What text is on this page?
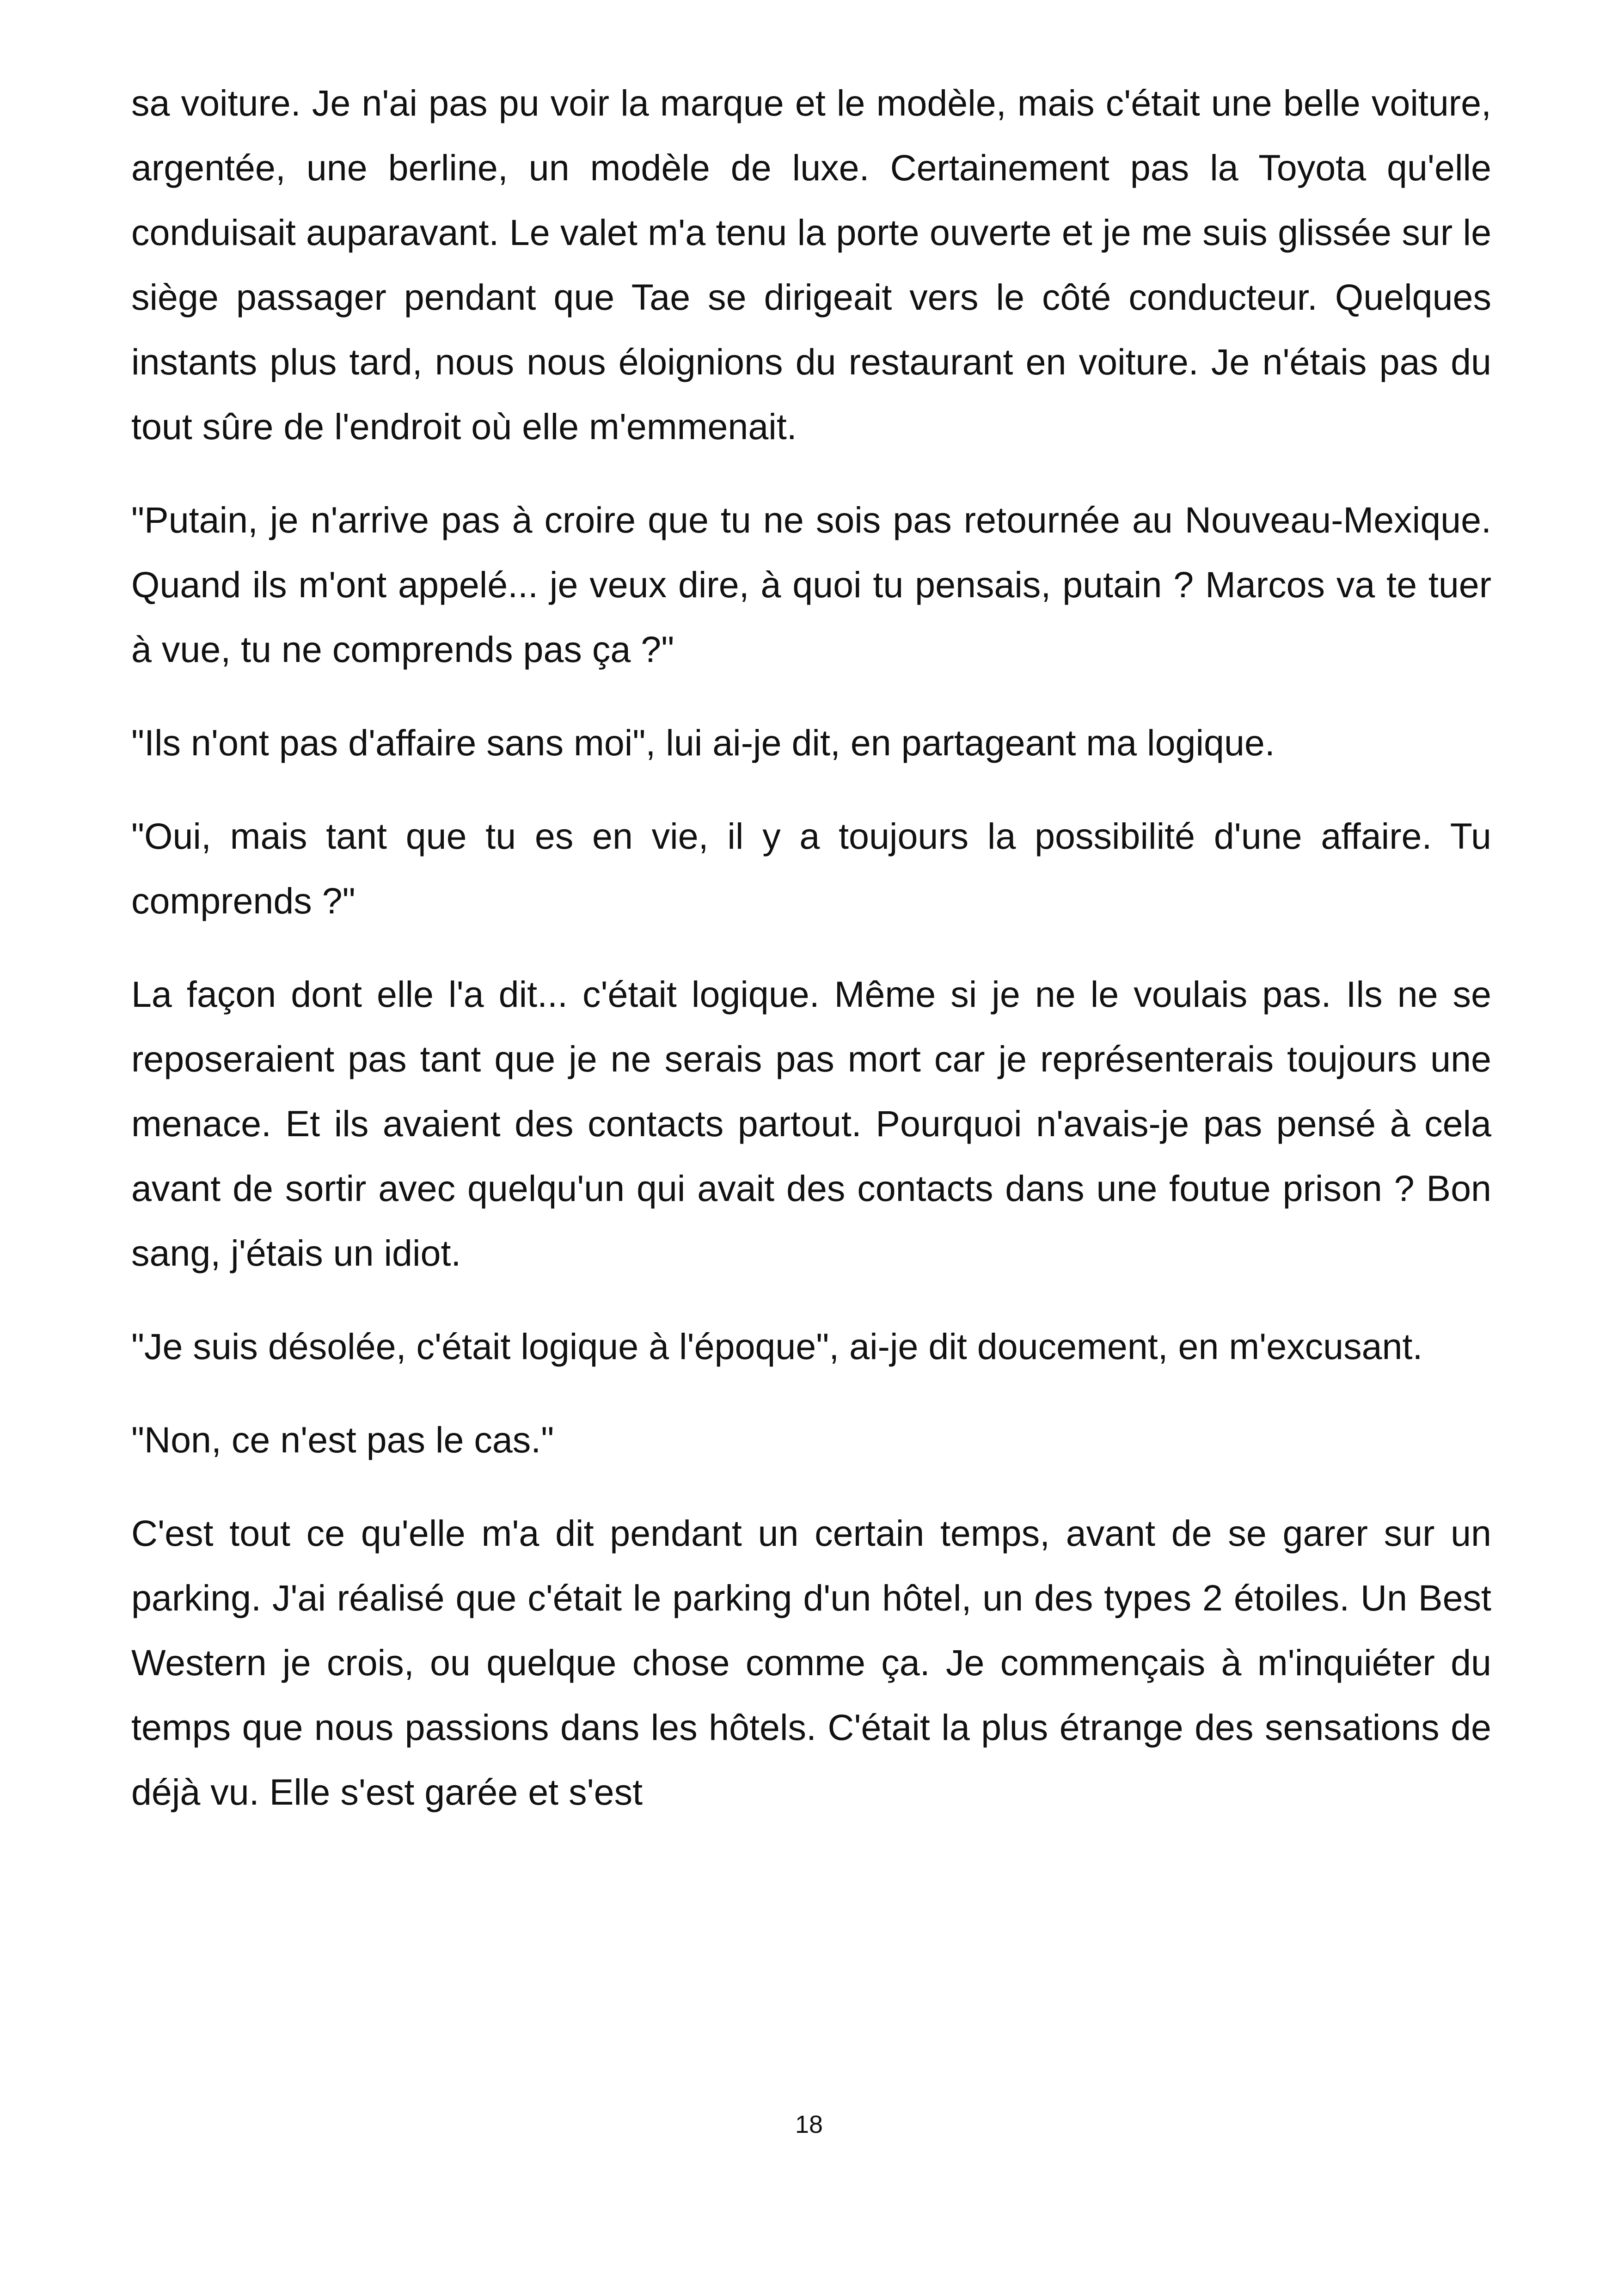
sa voiture. Je n'ai pas pu voir la marque et le modèle, mais c'était une belle voiture, argentée, une berline, un modèle de luxe. Certainement pas la Toyota qu'elle conduisait auparavant. Le valet m'a tenu la porte ouverte et je me suis glissée sur le siège passager pendant que Tae se dirigeait vers le côté conducteur. Quelques instants plus tard, nous nous éloignions du restaurant en voiture. Je n'étais pas du tout sûre de l'endroit où elle m'emmenait.

"Putain, je n'arrive pas à croire que tu ne sois pas retournée au Nouveau-Mexique. Quand ils m'ont appelé... je veux dire, à quoi tu pensais, putain ? Marcos va te tuer à vue, tu ne comprends pas ça ?"

"Ils n'ont pas d'affaire sans moi", lui ai-je dit, en partageant ma logique.

"Oui, mais tant que tu es en vie, il y a toujours la possibilité d'une affaire. Tu comprends ?"

La façon dont elle l'a dit... c'était logique. Même si je ne le voulais pas. Ils ne se reposeraient pas tant que je ne serais pas mort car je représenterais toujours une menace. Et ils avaient des contacts partout. Pourquoi n'avais-je pas pensé à cela avant de sortir avec quelqu'un qui avait des contacts dans une foutue prison ? Bon sang, j'étais un idiot.

"Je suis désolée, c'était logique à l'époque", ai-je dit doucement, en m'excusant.

"Non, ce n'est pas le cas."

C'est tout ce qu'elle m'a dit pendant un certain temps, avant de se garer sur un parking. J'ai réalisé que c'était le parking d'un hôtel, un des types 2 étoiles. Un Best Western je crois, ou quelque chose comme ça. Je commençais à m'inquiéter du temps que nous passions dans les hôtels. C'était la plus étrange des sensations de déjà vu. Elle s'est garée et s'est

18
